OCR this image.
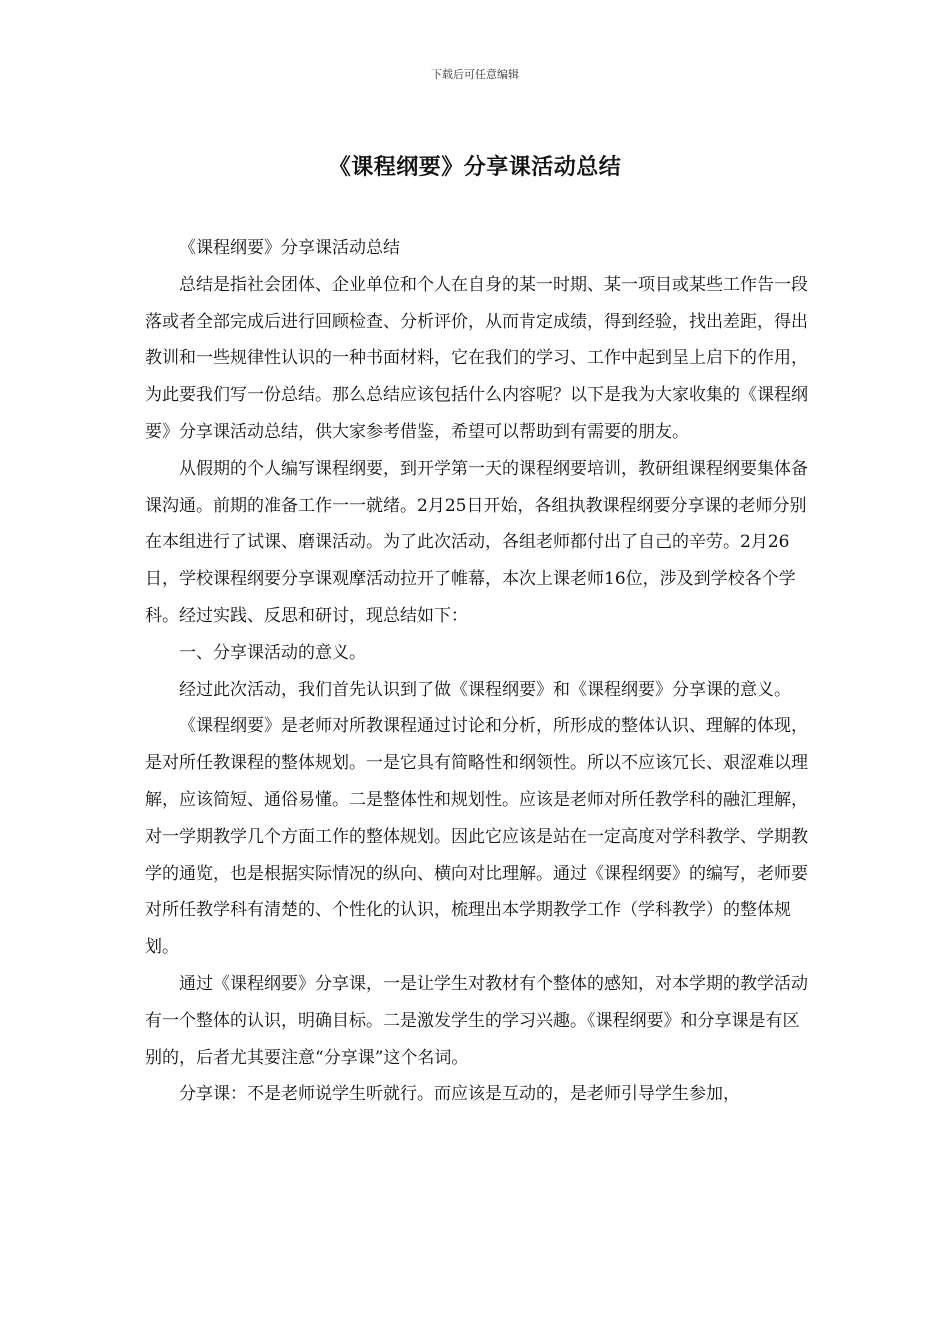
下载后可任意编辑
《课程纲要》分享课活动总结

《课程纲要》分享课活动总结

总结是指社会团体、企业单位和个人在自身的某一时期、某一项目或某些工作告一段落或者全部完成后进行回顾检查、分析评价，从而肯定成绩，得到经验，找出差距，得出教训和一些规律性认识的一种书面材料，它在我们的学习、工作中起到呈上启下的作用，为此要我们写一份总结。那么总结应该包括什么内容呢？以下是我为大家收集的《课程纲要》分享课活动总结，供大家参考借鉴，希望可以帮助到有需要的朋友。

从假期的个人编写课程纲要，到开学第一天的课程纲要培训，教研组课程纲要集体备课沟通。前期的准备工作一一就绪。2月25日开始，各组执教课程纲要分享课的老师分别在本组进行了试课、磨课活动。为了此次活动，各组老师都付出了自己的辛劳。2月26日，学校课程纲要分享课观摩活动拉开了帷幕，本次上课老师16位，涉及到学校各个学科。经过实践、反思和研讨，现总结如下：

一、分享课活动的意义。

经过此次活动，我们首先认识到了做《课程纲要》和《课程纲要》分享课的意义。

《课程纲要》是老师对所教课程通过讨论和分析，所形成的整体认识、理解的体现，是对所任教课程的整体规划。一是它具有简略性和纲领性。所以不应该冗长、艰涩难以理解，应该简短、通俗易懂。二是整体性和规划性。应该是老师对所任教学科的融汇理解，对一学期教学几个方面工作的整体规划。因此它应该是站在一定高度对学科教学、学期教学的通览，也是根据实际情况的纵向、横向对比理解。通过《课程纲要》的编写，老师要对所任教学科有清楚的、个性化的认识，梳理出本学期教学工作（学科教学）的整体规划。

通过《课程纲要》分享课，一是让学生对教材有个整体的感知，对本学期的教学活动有一个整体的认识，明确目标。二是激发学生的学习兴趣。《课程纲要》和分享课是有区别的，后者尤其要注意“分享课”这个名词。

分享课：不是老师说学生听就行。而应该是互动的，是老师引导学生参加，
